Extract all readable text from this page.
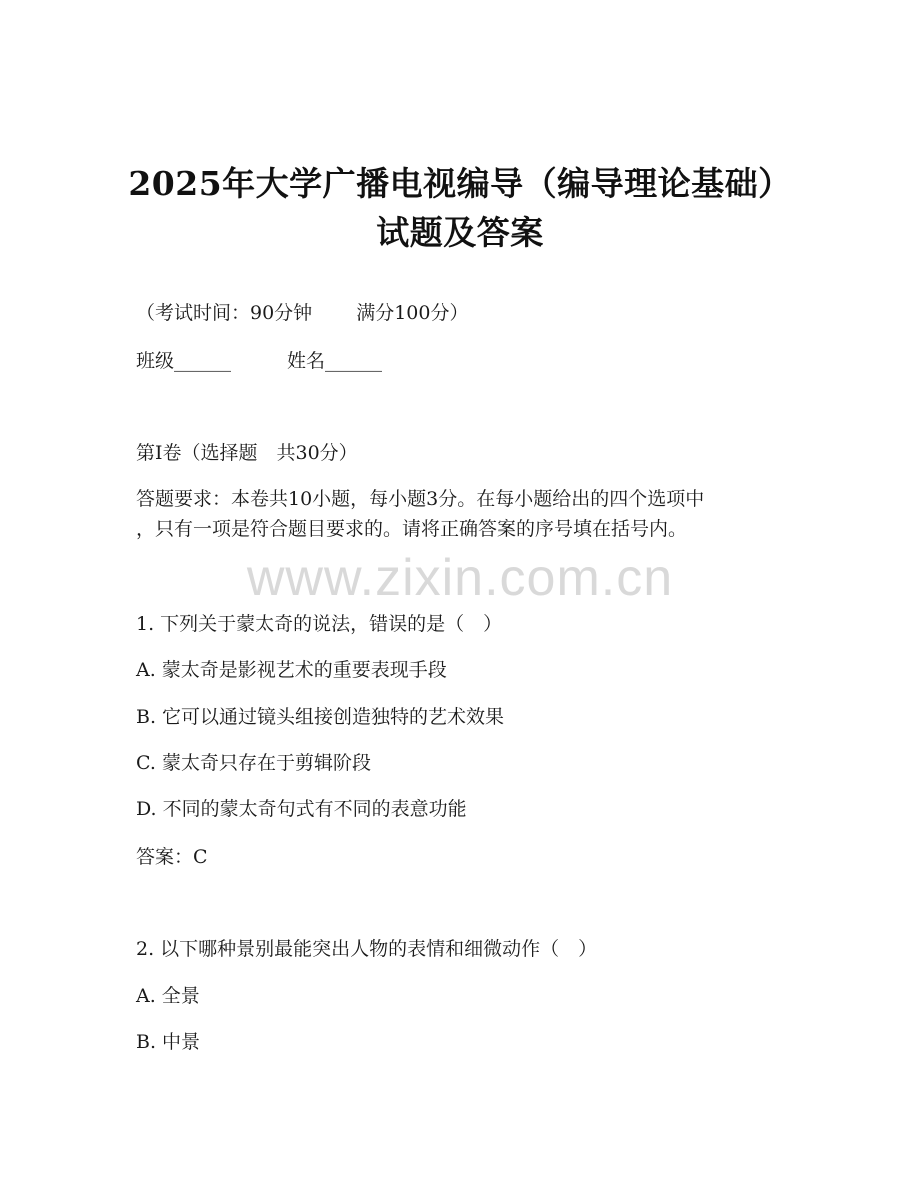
2025年大学广播电视编导（编导理论基础）
试题及答案
（考试时间：90分钟 满分100分）
班级______	姓名______
第I卷（选择题　共30分）
答题要求：本卷共10小题，每小题3分。在每小题给出的四个选项中
，只有一项是符合题目要求的。请将正确答案的序号填在括号内。
www.zixin.com.cn
1. 下列关于蒙太奇的说法，错误的是（　）
A. 蒙太奇是影视艺术的重要表现手段
B. 它可以通过镜头组接创造独特的艺术效果
C. 蒙太奇只存在于剪辑阶段
D. 不同的蒙太奇句式有不同的表意功能
答案：C
2. 以下哪种景别最能突出人物的表情和细微动作（　）
A. 全景
B. 中景
